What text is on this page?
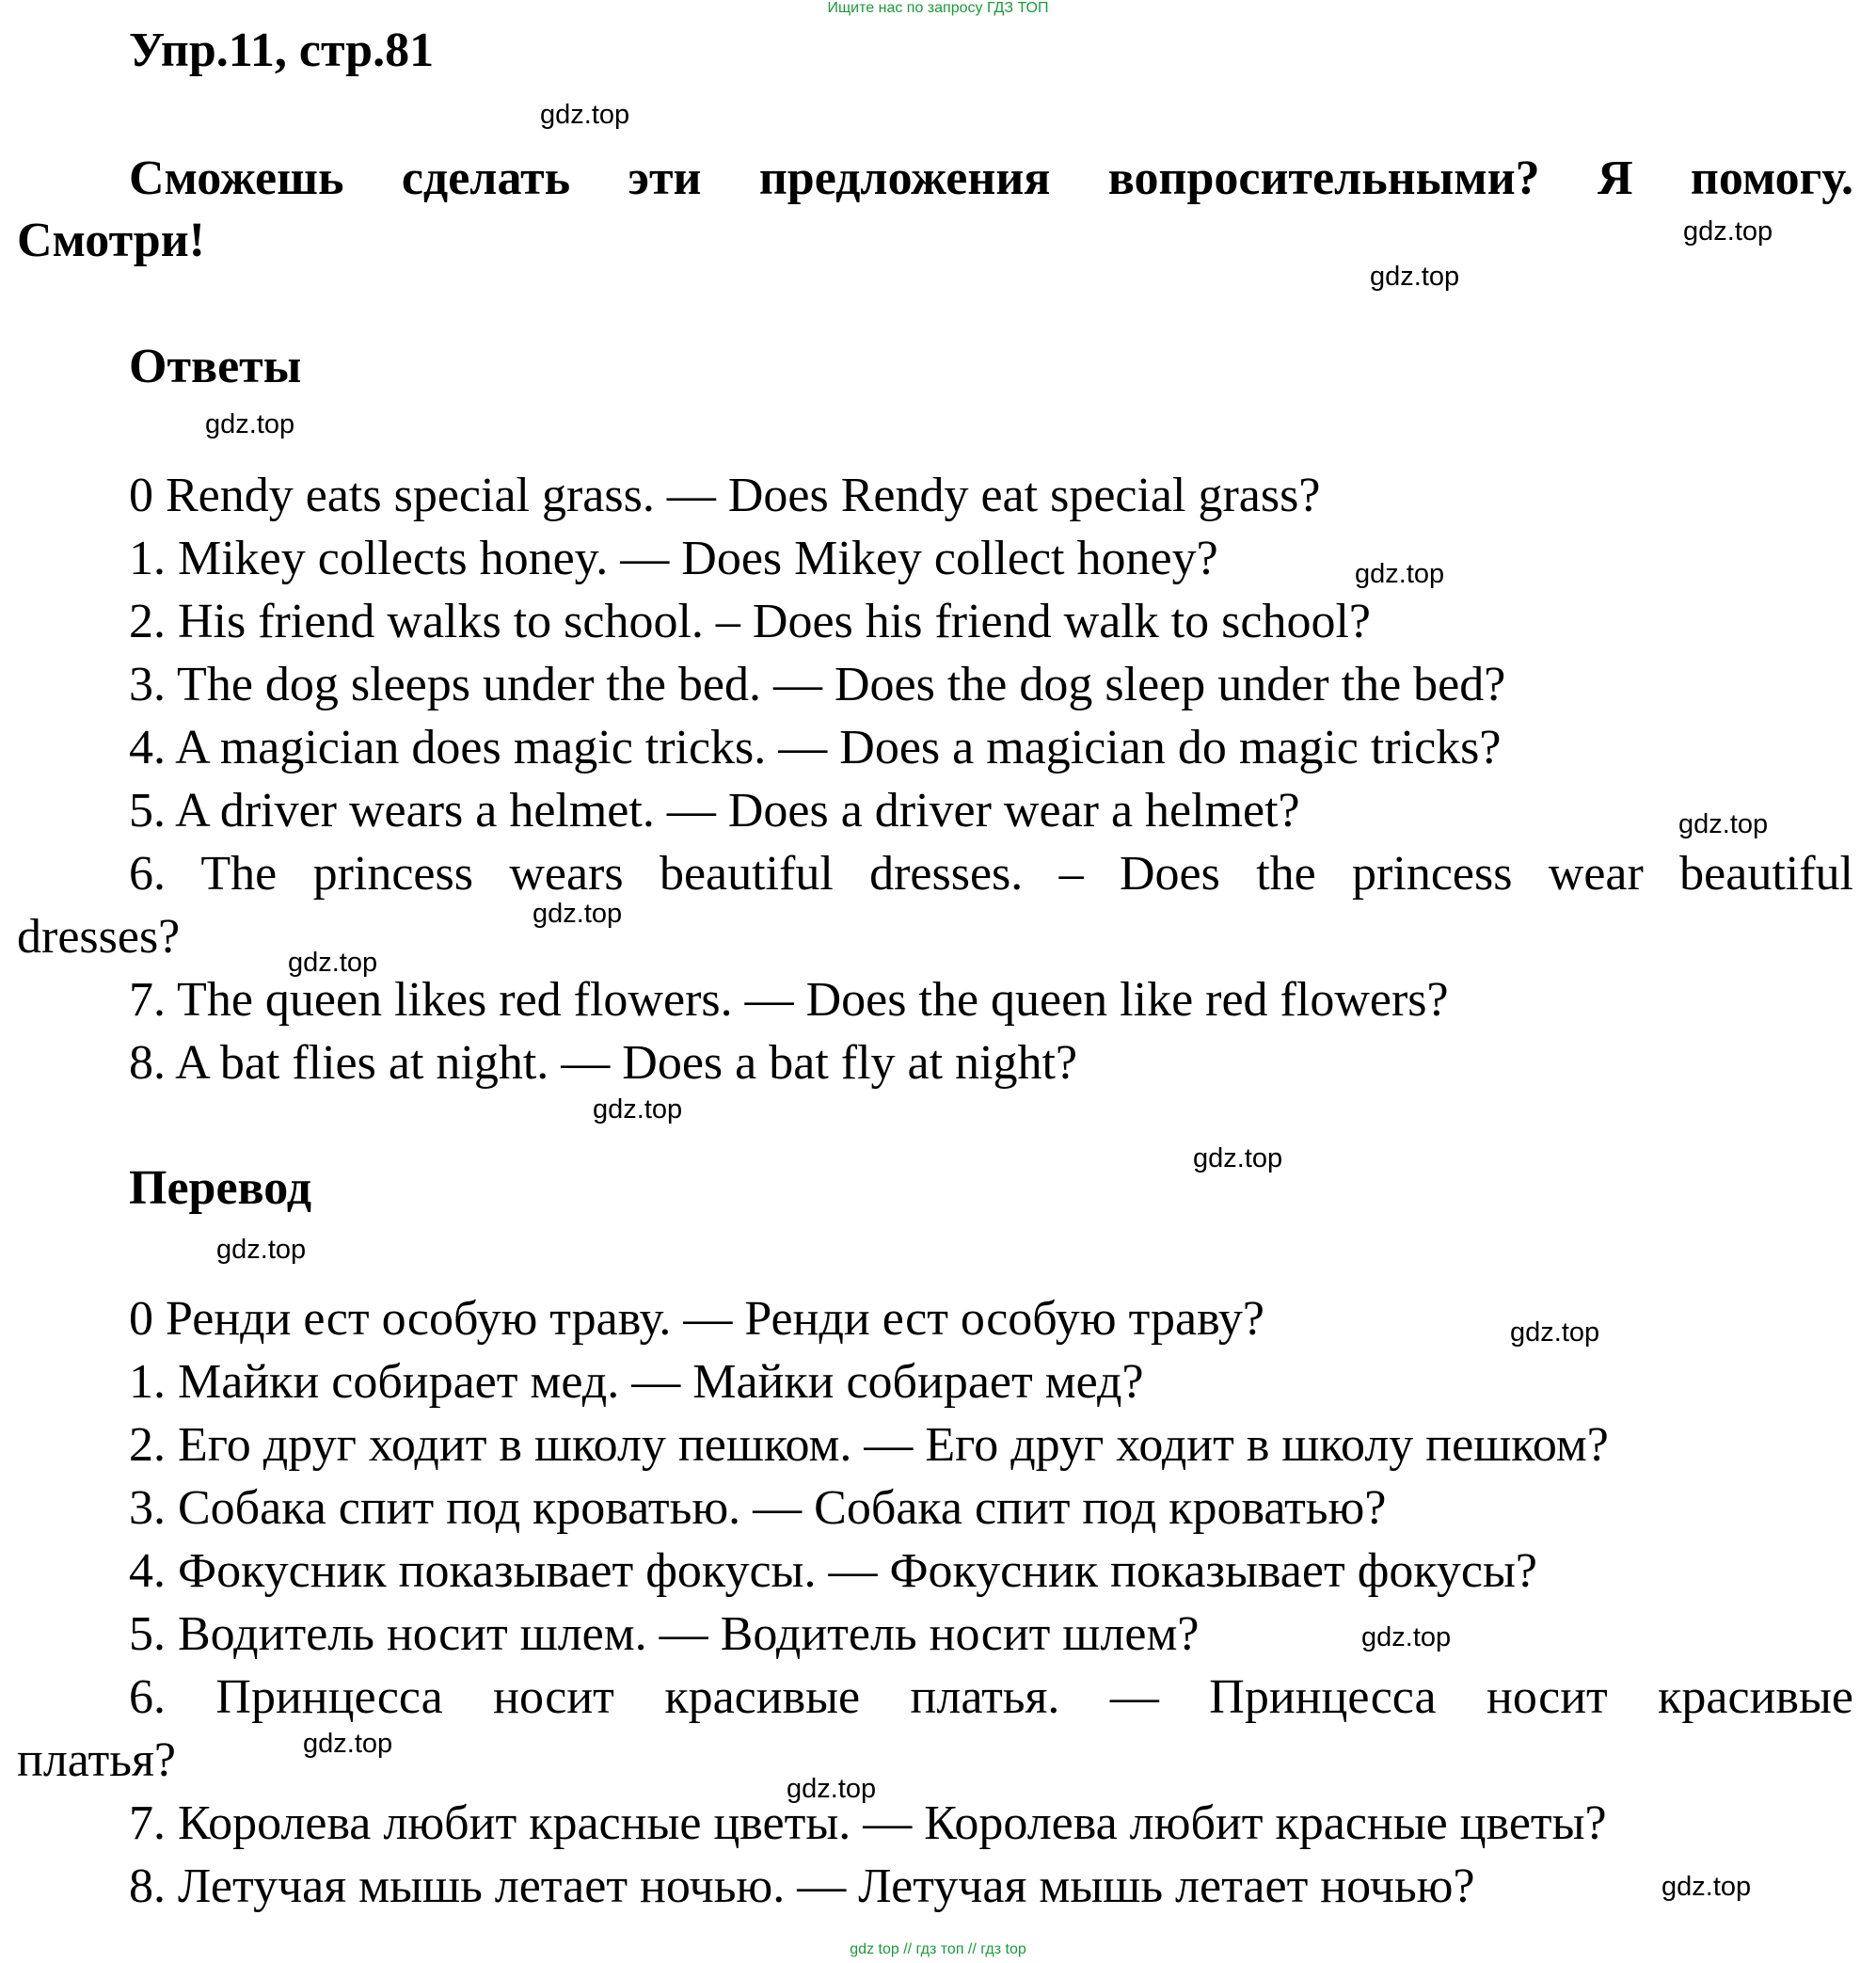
Ищите нас по запросу ГДЗ ТОП
Упр.11, стр.81
Сможешь сделать эти предложения вопросительными? Я помогу.
Смотри!
Ответы
0 Rendy eats special grass. — Does Rendy eat special grass?
1. Mikey collects honey. — Does Mikey collect honey?
2. His friend walks to school. – Does his friend walk to school?
3. The dog sleeps under the bed. — Does the dog sleep under the bed?
4. A magician does magic tricks. — Does a magician do magic tricks?
5. A driver wears a helmet. — Does a driver wear a helmet?
6. The princess wears beautiful dresses. – Does the princess wear beautiful
dresses?
7. The queen likes red flowers. — Does the queen like red flowers?
8. A bat flies at night. — Does a bat fly at night?
Перевод
0 Ренди ест особую траву. — Ренди ест особую траву?
1. Майки собирает мед. — Майки собирает мед?
2. Его друг ходит в школу пешком. — Его друг ходит в школу пешком?
3. Собака спит под кроватью. — Собака спит под кроватью?
4. Фокусник показывает фокусы. — Фокусник показывает фокусы?
5. Водитель носит шлем. — Водитель носит шлем?
6. Принцесса носит красивые платья. — Принцесса носит красивые
платья?
7. Королева любит красные цветы. — Королева любит красные цветы?
8. Летучая мышь летает ночью. — Летучая мышь летает ночью?
gdz.top
gdz.top
gdz.top
gdz.top
gdz.top
gdz.top
gdz.top
gdz.top
gdz.top
gdz.top
gdz.top
gdz.top
gdz.top
gdz.top
gdz.top
gdz.top
gdz top // гдз топ // гдз top
